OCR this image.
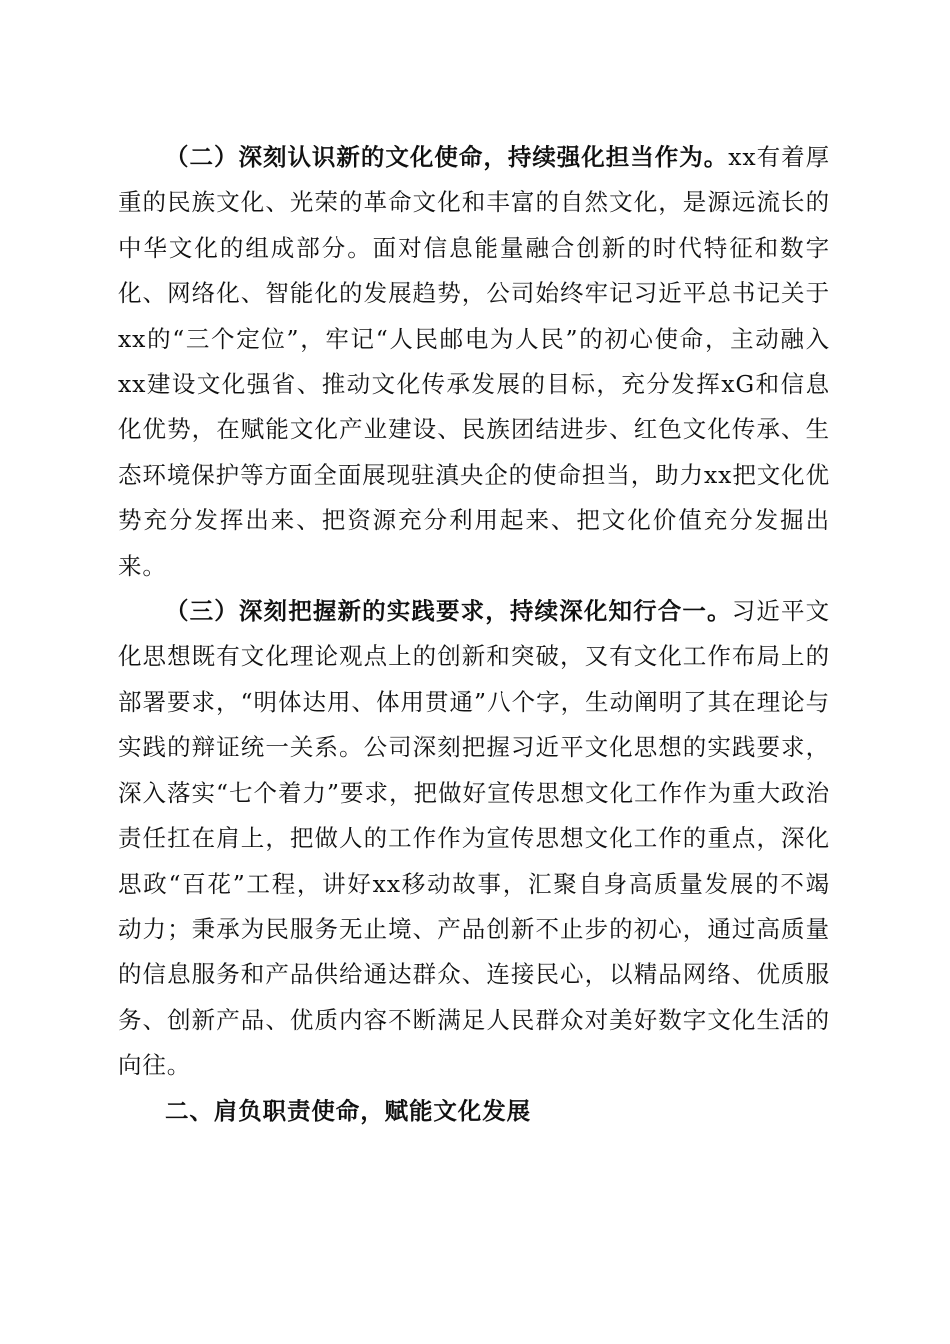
（二）深刻认识新的文化使命，持续强化担当作为。xx有着厚重的民族文化、光荣的革命文化和丰富的自然文化，是源远流长的中华文化的组成部分。面对信息能量融合创新的时代特征和数字化、网络化、智能化的发展趋势，公司始终牢记习近平总书记关于xx的“三个定位”，牢记“人民邮电为人民”的初心使命，主动融入xx建设文化强省、推动文化传承发展的目标，充分发挥xG和信息化优势，在赋能文化产业建设、民族团结进步、红色文化传承、生态环境保护等方面全面展现驻滇央企的使命担当，助力xx把文化优势充分发挥出来、把资源充分利用起来、把文化价值充分发掘出来。

（三）深刻把握新的实践要求，持续深化知行合一。习近平文化思想既有文化理论观点上的创新和突破，又有文化工作布局上的部署要求，“明体达用、体用贯通”八个字，生动阐明了其在理论与实践的辩证统一关系。公司深刻把握习近平文化思想的实践要求，深入落实“七个着力”要求，把做好宣传思想文化工作作为重大政治责任扛在肩上，把做人的工作作为宣传思想文化工作的重点，深化思政“百花”工程，讲好xx移动故事，汇聚自身高质量发展的不竭动力；秉承为民服务无止境、产品创新不止步的初心，通过高质量的信息服务和产品供给通达群众、连接民心，以精品网络、优质服务、创新产品、优质内容不断满足人民群众对美好数字文化生活的向往。

二、肩负职责使命，赋能文化发展
